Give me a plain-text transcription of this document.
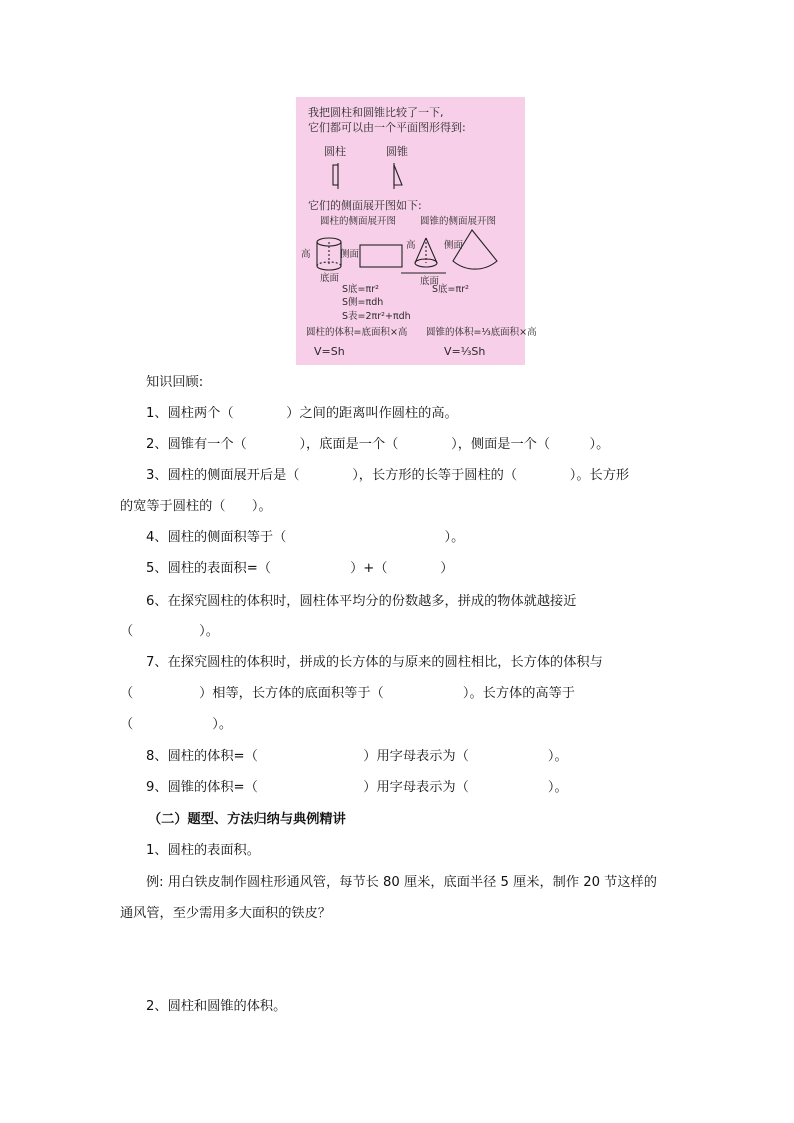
我把圆柱和圆锥比较了一下,
它们都可以由一个平面图形得到:
圆柱	圆锥
它们的侧面展开图如下:
圆柱的侧面展开图	圆锥的侧面展开图
高	侧面
底面
高	侧面
底面
S底=πr²	S底=πr²
S侧=πdh
S表=2πr²+πdh
圆柱的体积=底面积×高 圆锥的体积=⅓底面积×高
V=Sh	V=⅓Sh
知识回顾:
1、圆柱两个（　　　　）之间的距离叫作圆柱的高。
2、圆锥有一个（　　　　），底面是一个（　　　　），侧面是一个（　　　）。
3、圆柱的侧面展开后是（　　　　），长方形的长等于圆柱的（　　　　）。长方形
的宽等于圆柱的（　　）。
4、圆柱的侧面积等于（　　　　　　　　　　　　）。
5、圆柱的表面积=（　　　　　　）+（　　　　）
6、在探究圆柱的体积时，圆柱体平均分的份数越多，拼成的物体就越接近
（　　　　　）。
7、在探究圆柱的体积时，拼成的长方体的与原来的圆柱相比，长方体的体积与
（　　　　　）相等，长方体的底面积等于（　　　　　　）。长方体的高等于
（　　　　　　）。
8、圆柱的体积=（　　　　　　　　）用字母表示为（　　　　　　）。
9、圆锥的体积=（　　　　　　　　）用字母表示为（　　　　　　）。
（二）题型、方法归纳与典例精讲
1、圆柱的表面积。
例: 用白铁皮制作圆柱形通风管，每节长 80 厘米，底面半径 5 厘米，制作 20 节这样的
通风管，至少需用多大面积的铁皮？
2、圆柱和圆锥的体积。
